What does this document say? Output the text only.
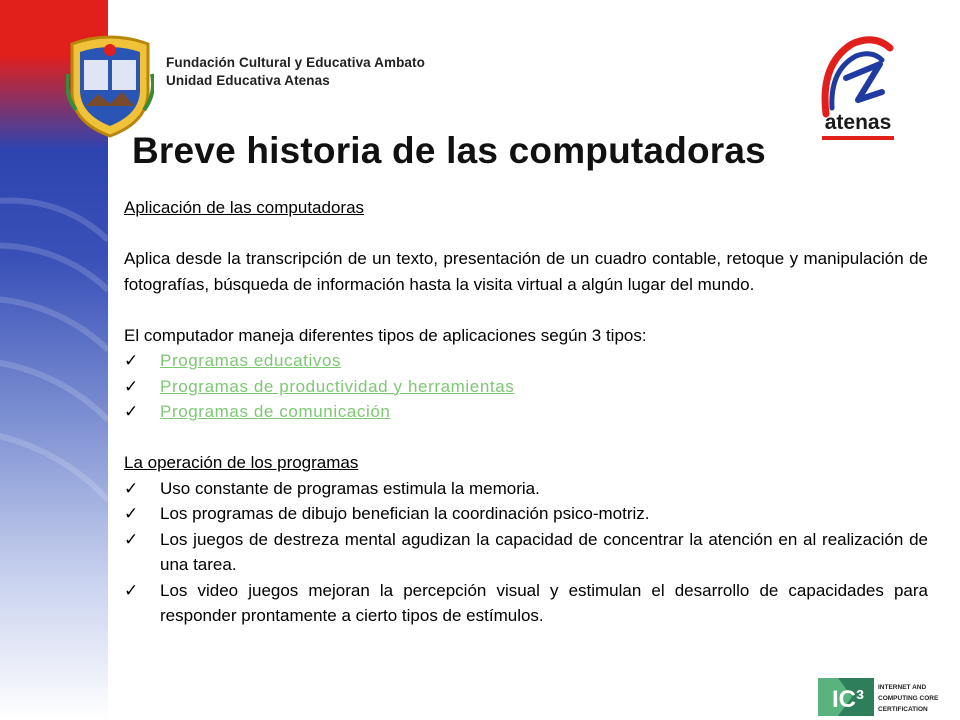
Fundación Cultural y Educativa Ambato
Unidad Educativa Atenas
atenas
Breve historia de las computadoras
Aplicación de las computadoras

Aplica desde la transcripción de un texto, presentación de un cuadro contable, retoque y manipulación de fotografías, búsqueda de información hasta la visita virtual a algún lugar del mundo.

El computador maneja diferentes tipos de aplicaciones según 3 tipos:
✓	Programas educativos
✓	Programas de productividad y herramientas
✓	Programas de comunicación
La operación de los programas
✓	Uso constante de programas estimula la memoria.
✓	Los programas de dibujo benefician la coordinación psico-motriz.
✓	Los juegos de destreza mental agudizan la capacidad de concentrar la atención en al realización de una tarea.
✓	Los video juegos mejoran la percepción visual y estimulan el desarrollo de capacidades para responder prontamente a cierto tipos de estímulos.
IC³ INTERNET AND
COMPUTING CORE
CERTIFICATION
